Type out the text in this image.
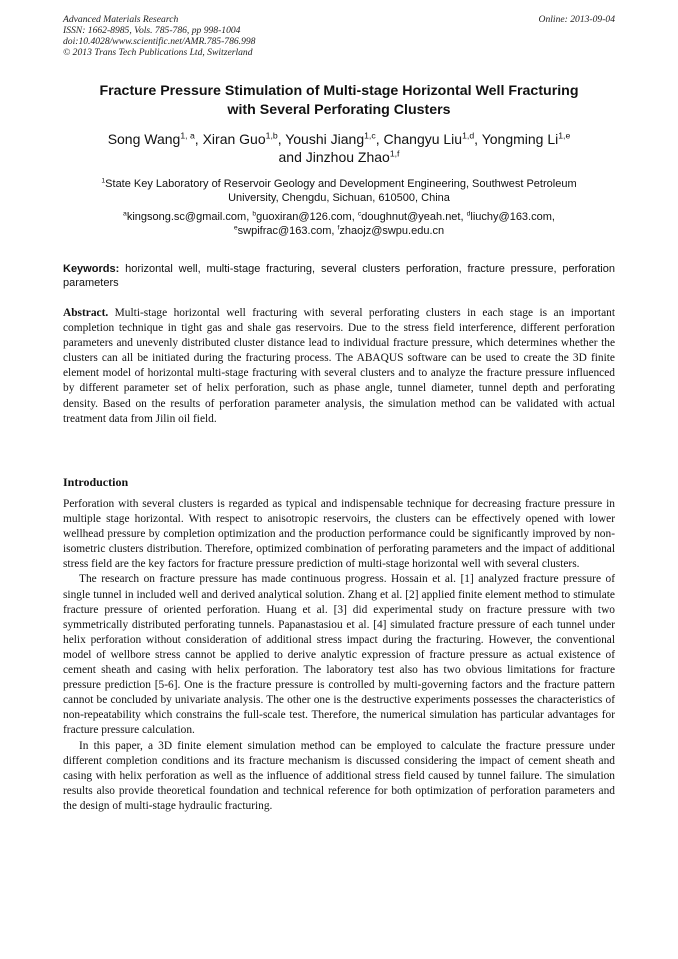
Advanced Materials Research
ISSN: 1662-8985, Vols. 785-786, pp 998-1004
doi:10.4028/www.scientific.net/AMR.785-786.998
© 2013 Trans Tech Publications Ltd, Switzerland
Online: 2013-09-04
Fracture Pressure Stimulation of Multi-stage Horizontal Well Fracturing
with Several Perforating Clusters
Song Wang$^{1, a}$, Xiran Guo$^{1,b}$, Youshi Jiang$^{1,c}$, Changyu Liu$^{1,d}$, Yongming Li$^{1,e}$
and Jinzhou Zhao$^{1,f}$
$^1$State Key Laboratory of Reservoir Geology and Development Engineering, Southwest Petroleum
University, Chengdu, Sichuan, 610500, China
$^a$kingsong.sc@gmail.com, $^b$guoxiran@126.com, $^c$doughnut@yeah.net, $^d$liuchy@163.com,
$^e$swpifrac@163.com, $^f$zhaojz@swpu.edu.cn
Keywords: horizontal well, multi-stage fracturing, several clusters perforation, fracture pressure, perforation parameters
Abstract. Multi-stage horizontal well fracturing with several perforating clusters in each stage is an important completion technique in tight gas and shale gas reservoirs. Due to the stress field interference, different perforation parameters and unevenly distributed cluster distance lead to individual fracture pressure, which determines whether the clusters can all be initiated during the fracturing process. The ABAQUS software can be used to create the 3D finite element model of horizontal multi-stage fracturing with several clusters and to analyze the fracture pressure influenced by different parameter set of helix perforation, such as phase angle, tunnel diameter, tunnel depth and perforating density. Based on the results of perforation parameter analysis, the simulation method can be validated with actual treatment data from Jilin oil field.
Introduction

Perforation with several clusters is regarded as typical and indispensable technique for decreasing fracture pressure in multiple stage horizontal. With respect to anisotropic reservoirs, the clusters can be effectively opened with lower wellhead pressure by completion optimization and the production performance could be significantly improved by non-isometric clusters distribution. Therefore, optimized combination of perforating parameters and the impact of additional stress field are the key factors for fracture pressure prediction of multi-stage horizontal well with several clusters.

The research on fracture pressure has made continuous progress. Hossain et al. [1] analyzed fracture pressure of single tunnel in included well and derived analytical solution. Zhang et al. [2] applied finite element method to stimulate fracture pressure of oriented perforation. Huang et al. [3] did experimental study on fracture pressure with two symmetrically distributed perforating tunnels. Papanastasiou et al. [4] simulated fracture pressure of each tunnel under helix perforation without consideration of additional stress impact during the fracturing. However, the conventional model of wellbore stress cannot be applied to derive analytic expression of fracture pressure as actual existence of cement sheath and casing with helix perforation. The laboratory test also has two obvious limitations for fracture pressure prediction [5-6]. One is the fracture pressure is controlled by multi-governing factors and the fracture pattern cannot be concluded by univariate analysis. The other one is the destructive experiments possesses the characteristics of non-repeatability which constrains the full-scale test. Therefore, the numerical simulation has particular advantages for fracture pressure calculation.

In this paper, a 3D finite element simulation method can be employed to calculate the fracture pressure under different completion conditions and its fracture mechanism is discussed considering the impact of cement sheath and casing with helix perforation as well as the influence of additional stress field caused by tunnel failure. The simulation results also provide theoretical foundation and technical reference for both optimization of perforation parameters and the design of multi-stage hydraulic fracturing.
